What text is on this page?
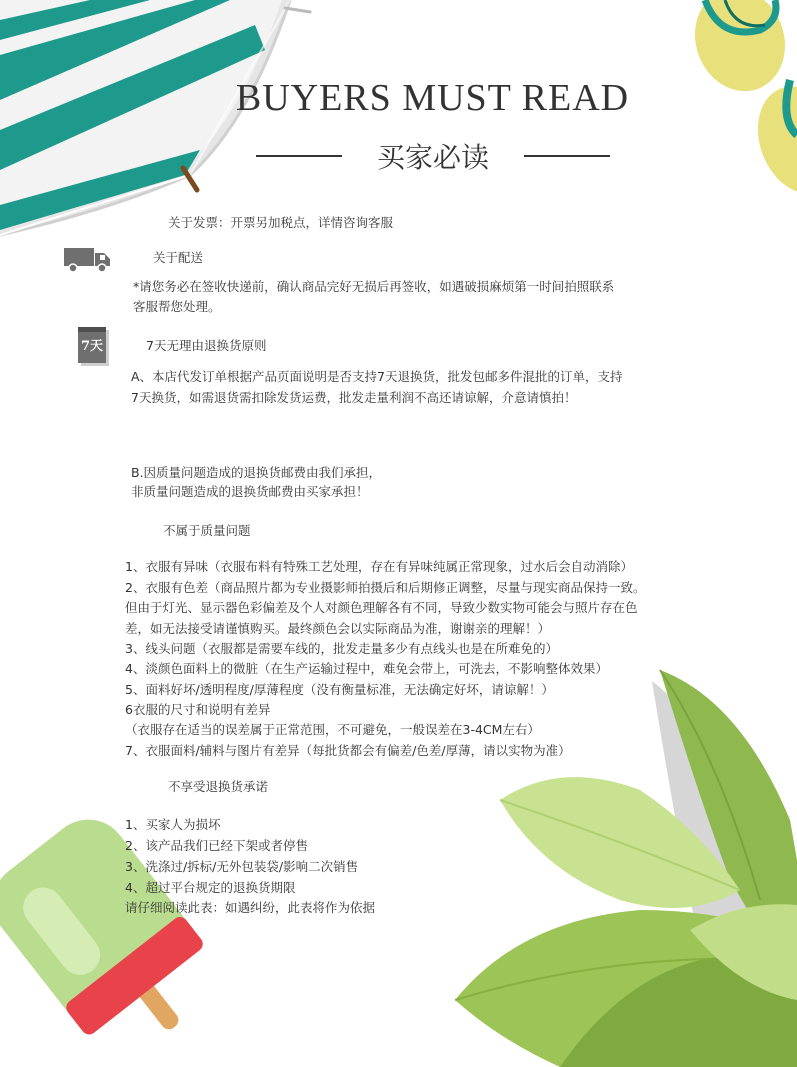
BUYERS MUST READ
买家必读
关于发票：开票另加税点，详情咨询客服
关于配送
*请您务必在签收快递前，确认商品完好无损后再签收，如遇破损麻烦第一时间拍照联系
客服帮您处理。
7天	7天无理由退换货原则
A、本店代发订单根据产品页面说明是否支持7天退换货，批发包邮多件混批的订单，支持
7天换货，如需退货需扣除发货运费，批发走量利润不高还请谅解，介意请慎拍！
B.因质量问题造成的退换货邮费由我们承担，
非质量问题造成的退换货邮费由买家承担！
不属于质量问题
1、衣服有异味（衣服布料有特殊工艺处理，存在有异味纯属正常现象，过水后会自动消除）
2、衣服有色差（商品照片都为专业摄影师拍摄后和后期修正调整，尽量与现实商品保持一致。
但由于灯光、显示器色彩偏差及个人对颜色理解各有不同，导致少数实物可能会与照片存在色
差，如无法接受请谨慎购买。最终颜色会以实际商品为准，谢谢亲的理解！）
3、线头问题（衣服都是需要车线的，批发走量多少有点线头也是在所难免的）
4、淡颜色面料上的微脏（在生产运输过程中，难免会带上，可洗去，不影响整体效果）
5、面料好坏/透明程度/厚薄程度（没有衡量标准，无法确定好坏，请谅解！）
6衣服的尺寸和说明有差异
（衣服存在适当的误差属于正常范围，不可避免，一般误差在3-4CM左右）
7、衣服面料/辅料与图片有差异（每批货都会有偏差/色差/厚薄，请以实物为准）
不享受退换货承诺
1、买家人为损坏
2、该产品我们已经下架或者停售
3、洗涤过/拆标/无外包装袋/影响二次销售
4、超过平台规定的退换货期限
请仔细阅读此表：如遇纠纷，此表将作为依据
